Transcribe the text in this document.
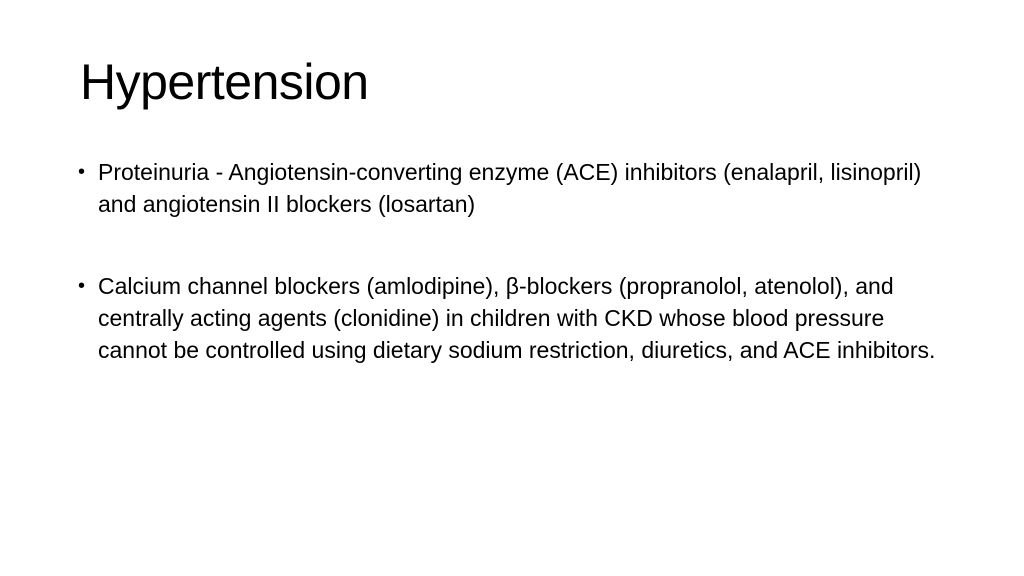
Hypertension
• Proteinuria - Angiotensin-converting enzyme (ACE) inhibitors (enalapril, lisinopril) and angiotensin II blockers (losartan)
• Calcium channel blockers (amlodipine), β-blockers (propranolol, atenolol), and centrally acting agents (clonidine) in children with CKD whose blood pressure cannot be controlled using dietary sodium restriction, diuretics, and ACE inhibitors.
